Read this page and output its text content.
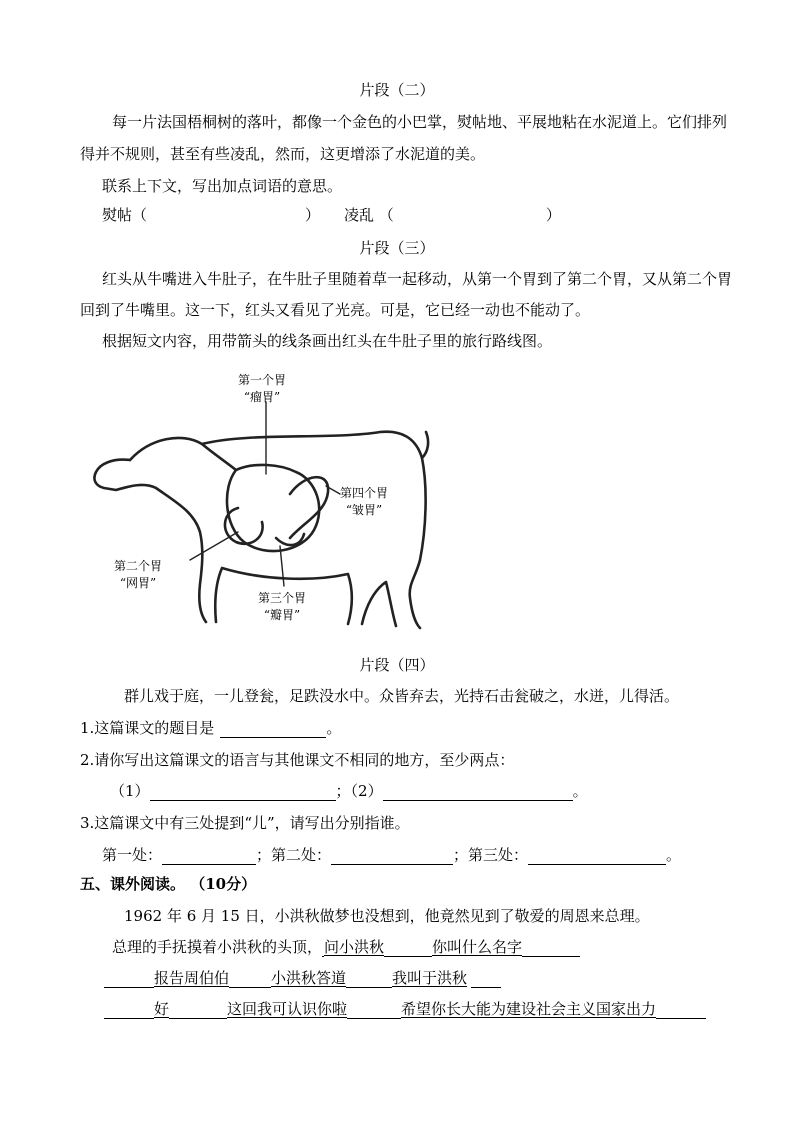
片段（二）
每一片法国梧桐树的落叶，都像一个金色的小巴掌，熨帖地、平展地粘在水泥道上。它们排列
得并不规则，甚至有些凌乱，然而，这更增添了水泥道的美。
联系上下文，写出加点词语的意思。
熨帖（	） 凌乱 （	）
片段（三）
红头从牛嘴进入牛肚子，在牛肚子里随着草一起移动，从第一个胃到了第二个胃，又从第二个胃
回到了牛嘴里。这一下，红头又看见了光亮。可是，它已经一动也不能动了。
根据短文内容，用带箭头的线条画出红头在牛肚子里的旅行路线图。
第一个胃
“瘤胃”
第四个胃
“皱胃”
第二个胃
“网胃”
第三个胃
“瓣胃”
片段（四）
群儿戏于庭，一儿登瓮，足跌没水中。众皆弃去，光持石击瓮破之，水迸，儿得活。
1.这篇课文的题目是	。
2.请你写出这篇课文的语言与其他课文不相同的地方，至少两点：
（1）	；（2）	。
3.这篇课文中有三处提到“儿”，请写出分别指谁。
第一处：	；第二处：	；第三处：	。
五、课外阅读。 （10分）
1962 年 6 月 15 日，小洪秋做梦也没想到，他竟然见到了敬爱的周恩来总理。
总理的手抚摸着小洪秋的头顶， 问小洪秋	你叫什么名字
报告周伯伯	小洪秋答道	我叫于洪秋
好	这回我可认识你啦	希望你长大能为建设社会主义国家出力
